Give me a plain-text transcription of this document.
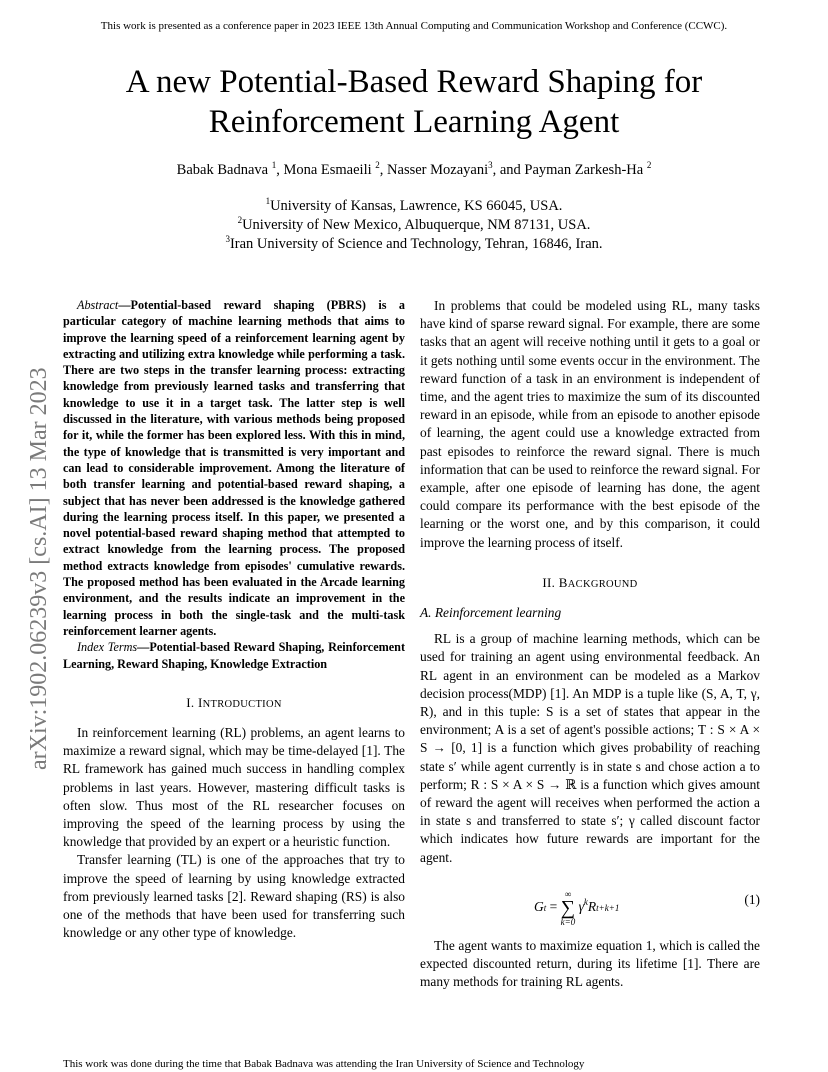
This work is presented as a conference paper in 2023 IEEE 13th Annual Computing and Communication Workshop and Conference (CCWC).
A new Potential-Based Reward Shaping for
Reinforcement Learning Agent
Babak Badnava $^1$, Mona Esmaeili $^2$, Nasser Mozayani$^3$, and Payman Zarkesh-Ha $^2$
$^1$University of Kansas, Lawrence, KS 66045, USA.
$^2$University of New Mexico, Albuquerque, NM 87131, USA.
$^3$Iran University of Science and Technology, Tehran, 16846, Iran.
arXiv:1902.06239v3 [cs.AI] 13 Mar 2023

Abstract—Potential-based reward shaping (PBRS) is a particular category of machine learning methods that aims to improve the learning speed of a reinforcement learning agent by extracting and utilizing extra knowledge while performing a task. There are two steps in the transfer learning process: extracting knowledge from previously learned tasks and transferring that knowledge to use it in a target task. The latter step is well discussed in the literature, with various methods being proposed for it, while the former has been explored less. With this in mind, the type of knowledge that is transmitted is very important and can lead to considerable improvement. Among the literature of both transfer learning and potential-based reward shaping, a subject that has never been addressed is the knowledge gathered during the learning process itself. In this paper, we presented a novel potential-based reward shaping method that attempted to extract knowledge from the learning process. The proposed method extracts knowledge from episodes' cumulative rewards. The proposed method has been evaluated in the Arcade learning environment, and the results indicate an improvement in the learning process in both the single-task and the multi-task reinforcement learner agents.

Index Terms—Potential-based Reward Shaping, Reinforcement Learning, Reward Shaping, Knowledge Extraction

I. INTRODUCTION

In reinforcement learning (RL) problems, an agent learns to maximize a reward signal, which may be time-delayed [1]. The RL framework has gained much success in handling complex problems in last years. However, mastering difficult tasks is often slow. Thus most of the RL researcher focuses on improving the speed of the learning process by using the knowledge that provided by an expert or a heuristic function.

Transfer learning (TL) is one of the approaches that try to improve the speed of learning by using knowledge extracted from previously learned tasks [2]. Reward shaping (RS) is also one of the methods that have been used for transferring such knowledge or any other type of knowledge.

In problems that could be modeled using RL, many tasks have kind of sparse reward signal. For example, there are some tasks that an agent will receive nothing until it gets to a goal or it gets nothing until some events occur in the environment. The reward function of a task in an environment is independent of time, and the agent tries to maximize the sum of its discounted reward in an episode, while from an episode to another episode of learning, the agent could use a knowledge extracted from past episodes to reinforce the reward signal. There is much information that can be used to reinforce the reward signal. For example, after one episode of learning has done, the agent could compare its performance with the best episode of the learning or the worst one, and by this comparison, it could improve the learning process of itself.

II. BACKGROUND
A. Reinforcement learning

RL is a group of machine learning methods, which can be used for training an agent using environmental feedback. An RL agent in an environment can be modeled as a Markov decision process(MDP) [1]. An MDP is a tuple like (S, A, T, γ, R), and in this tuple: S is a set of states that appear in the environment; A is a set of agent's possible actions; T : S × A × S → [0, 1] is a function which gives probability of reaching state s′ while agent currently is in state s and chose action a to perform; R : S × A × S → ℝ is a function which gives amount of reward the agent will receives when performed the action a in state s and transferred to state s′; γ called discount factor which indicates how future rewards are important for the agent.

Gt =
∞
∑
k=0
$\gamma^kRt+k+1$
(1)

The agent wants to maximize equation 1, which is called the expected discounted return, during its lifetime [1]. There are many methods for training RL agents.

This work was done during the time that Babak Badnava was attending the Iran University of Science and Technology
